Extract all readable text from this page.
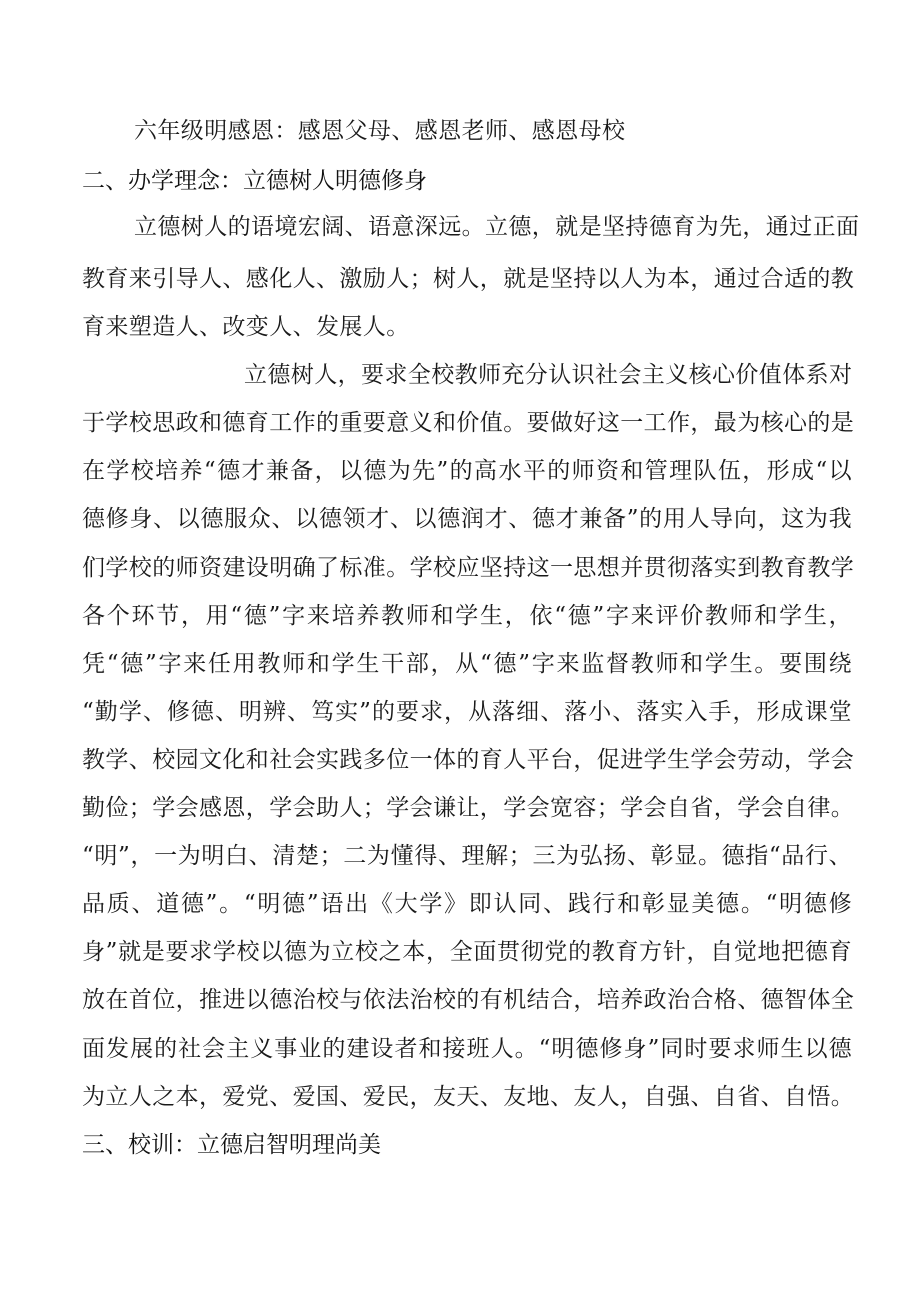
六年级明感恩：感恩父母、感恩老师、感恩母校
二、办学理念：立德树人明德修身
立德树人的语境宏阔、语意深远。立德，就是坚持德育为先，通过正面
教育来引导人、感化人、激励人；树人，就是坚持以人为本，通过合适的教
育来塑造人、改变人、发展人。
立德树人，要求全校教师充分认识社会主义核心价值体系对
于学校思政和德育工作的重要意义和价值。要做好这一工作，最为核心的是
在学校培养“德才兼备，以德为先”的高水平的师资和管理队伍，形成“以
德修身、以德服众、以德领才、以德润才、德才兼备”的用人导向，这为我
们学校的师资建设明确了标准。学校应坚持这一思想并贯彻落实到教育教学
各个环节，用“德”字来培养教师和学生，依“德”字来评价教师和学生，
凭“德”字来任用教师和学生干部，从“德”字来监督教师和学生。要围绕
“勤学、修德、明辨、笃实”的要求，从落细、落小、落实入手，形成课堂
教学、校园文化和社会实践多位一体的育人平台，促进学生学会劳动，学会
勤俭；学会感恩，学会助人；学会谦让，学会宽容；学会自省，学会自律。
“明”，一为明白、清楚；二为懂得、理解；三为弘扬、彰显。德指“品行、
品质、道德”。“明德”语出《大学》即认同、践行和彰显美德。“明德修
身”就是要求学校以德为立校之本，全面贯彻党的教育方针，自觉地把德育
放在首位，推进以德治校与依法治校的有机结合，培养政治合格、德智体全
面发展的社会主义事业的建设者和接班人。“明德修身”同时要求师生以德
为立人之本，爱党、爱国、爱民，友天、友地、友人，自强、自省、自悟。
三、校训：立德启智明理尚美
